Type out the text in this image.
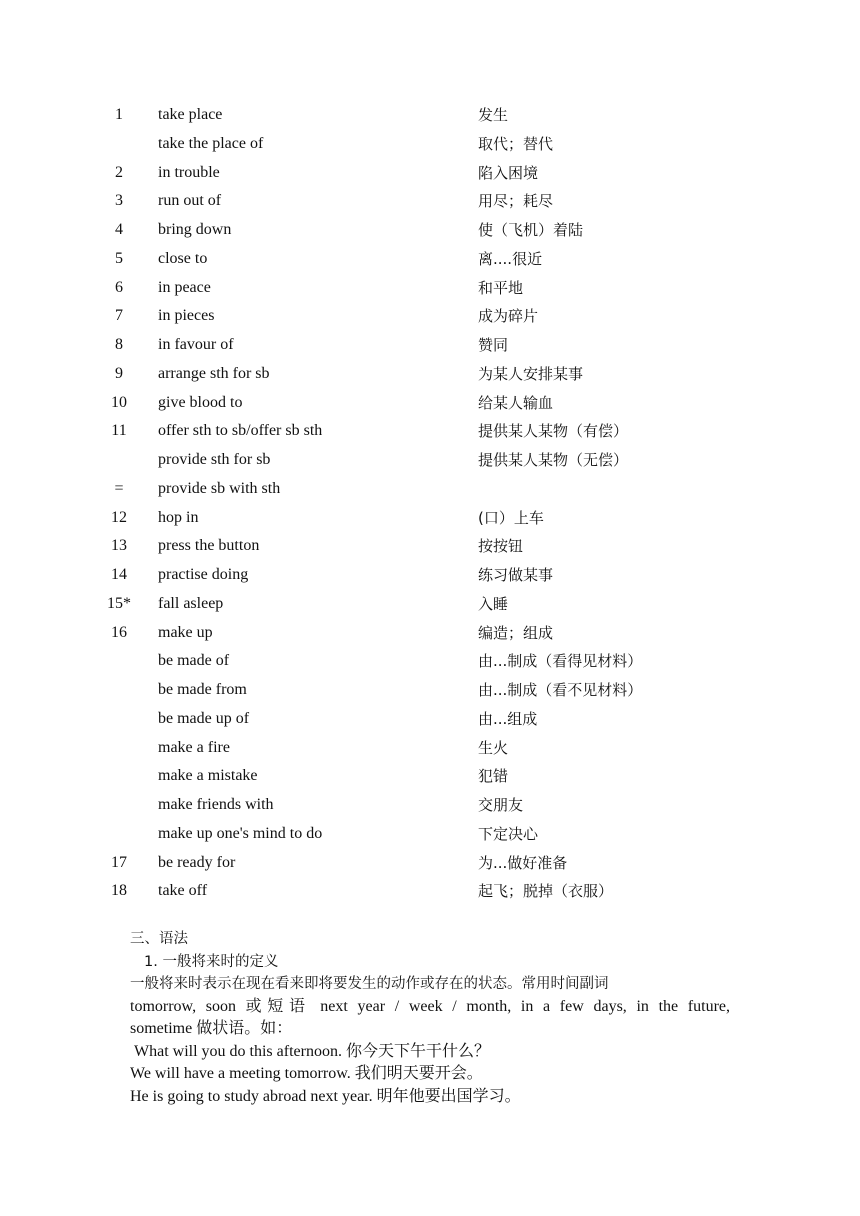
1	take place	发生
take the place of	取代；替代
2	in trouble	陷入困境
3	run out of	用尽；耗尽
4	bring down	使（飞机）着陆
5	close to	离....很近
6	in peace	和平地
7	in pieces	成为碎片
8	in favour of	赞同
9	arrange sth for sb	为某人安排某事
10	give blood to	给某人输血
11	offer sth to sb/offer sb sth	提供某人某物（有偿）
provide sth for sb	提供某人某物（无偿）
=	provide sb with sth
12	hop in	(口）上车
13	press the button	按按钮
14	practise doing	练习做某事
15*	fall asleep	入睡
16	make up	编造；组成
be made of	由...制成（看得见材料）
be made from	由...制成（看不见材料）
be made up of	由...组成
make a fire	生火
make a mistake	犯错
make friends with	交朋友
make up one's mind to do	下定决心
17	be ready for	为...做好准备
18	take off	起飞；脱掉（衣服）
三、语法
1. 一般将来时的定义
一般将来时表示在现在看来即将要发生的动作或存在的状态。常用时间副词
tomorrow, soon 或短语 next year / week / month, in a few days, in the future,
sometime 做状语。如：
What will you do this afternoon. 你今天下午干什么？
We will have a meeting tomorrow. 我们明天要开会。
He is going to study abroad next year. 明年他要出国学习。
